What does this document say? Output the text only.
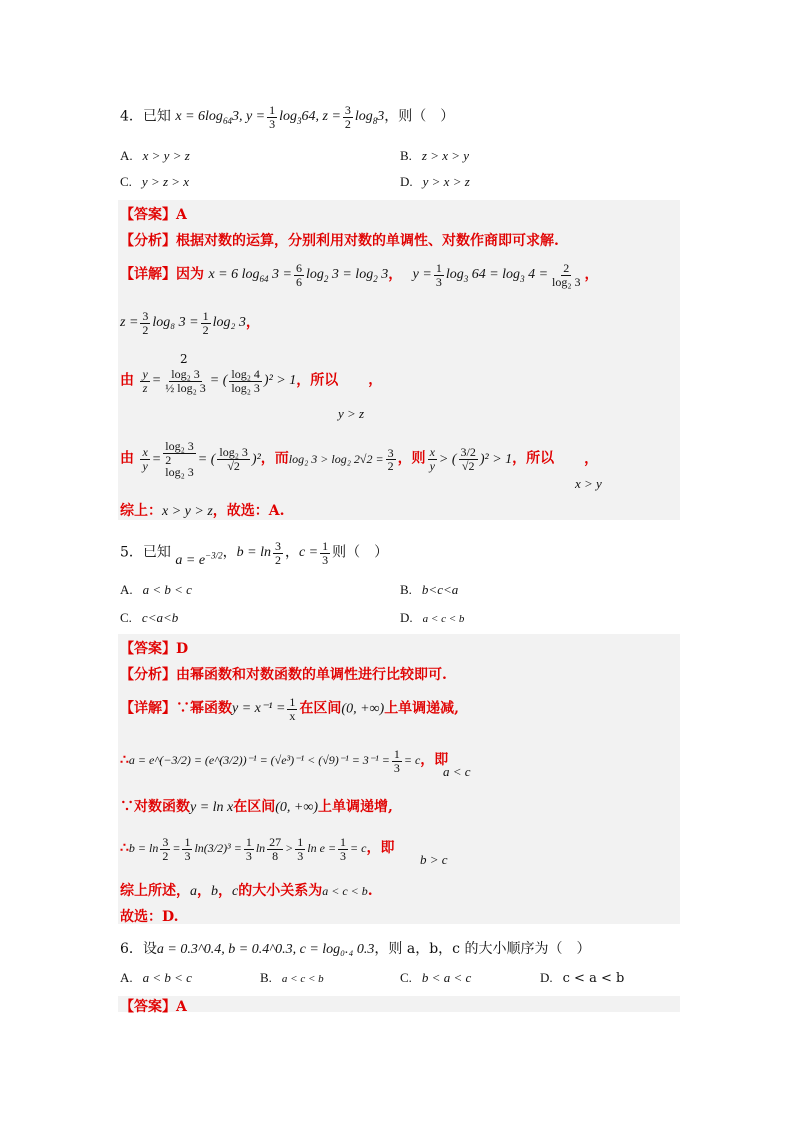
4．已知 $x = 6\log_{64}3$, $y = \frac{1}{3} \log_364$, $z = \frac{3}{2} \log_83$，则（　）
A. x > y > z	B. z > x > y
C. y > z > x	D. y > x > z
【答案】A
【分析】根据对数的运算，分别利用对数的单调性、对数作商即可求解.
【详解】因为 x = 6 $\log_{64} 3 = \frac{6}{6} \log_2 3 = \log_2 3$， $y = \frac{1}{3} \log_3 64 = \log_3 4 = \frac{2}{\text{log₂ 3}}$ ，
$z = \frac{3}{2} \log_8$ $3 = \frac{1}{2} \log_2$ 3，
2
由 $\frac{y}{z} = \frac{\text{log₂ 3}}{\text{½ log₂ 3}}$ = ( $\frac{\text{log₂ 4}}{\text{log₂ 3}} )^2 > 1$，所以 ，
y > z
由 $\frac{x}{y}$ =
log₂ 3
2
log₂ 3
= ( $\frac{\text{log₂ 3}}{√2} )^2$，而log₂ 3 > log₂ $2√2 = \frac{3}{2}$ ，则 $\frac{x}{y}$ > ( $\frac{3/2}{√2} )^2 > 1$，所以 ，
x > y
综上：x > y > z，故选：A.
5．已知 $a = e^{-3/2}$，$b = \ln \frac{3}{2}$ ，$c = \frac{1}{3}$ 则（　）
A. a < b < c	B. b<c<a
C. c<a<b	D. a < c < b
【答案】D
【分析】由幂函数和对数函数的单调性进行比较即可.
【详解】∵幂函数$y = x^{-1} = \frac{1}{x}$ 在区间(0, +∞)上单调递减,
∴a = e^(−3/2) = (e^(3/2))⁻¹ = $(√e^3)^{-1} < (√9)^{-1} = 3^{-1} = \frac{1}{3} = c$，即
a < c
∵对数函数y = ln x在区间(0, +∞)上单调递增,
∴b = $\ln \frac{3}{2} = \frac{1}{3} \ln(3/2)^3 = \frac{1}{3}$ $\ln \frac{27}{8} > \frac{1}{3}$ $\ln e = \frac{1}{3} = c$，即
b > c
综上所述，a，b，c的大小关系为a < c < b.
故选：D.
6．设a = 0.3^0.4, b = 0.4^0.3, c = log₀.₄ 0.3，则 a，b，c 的大小顺序为（　）
A. a < b < c	B. a < c < b	C. b < a < c	D. c < a < b
【答案】A
